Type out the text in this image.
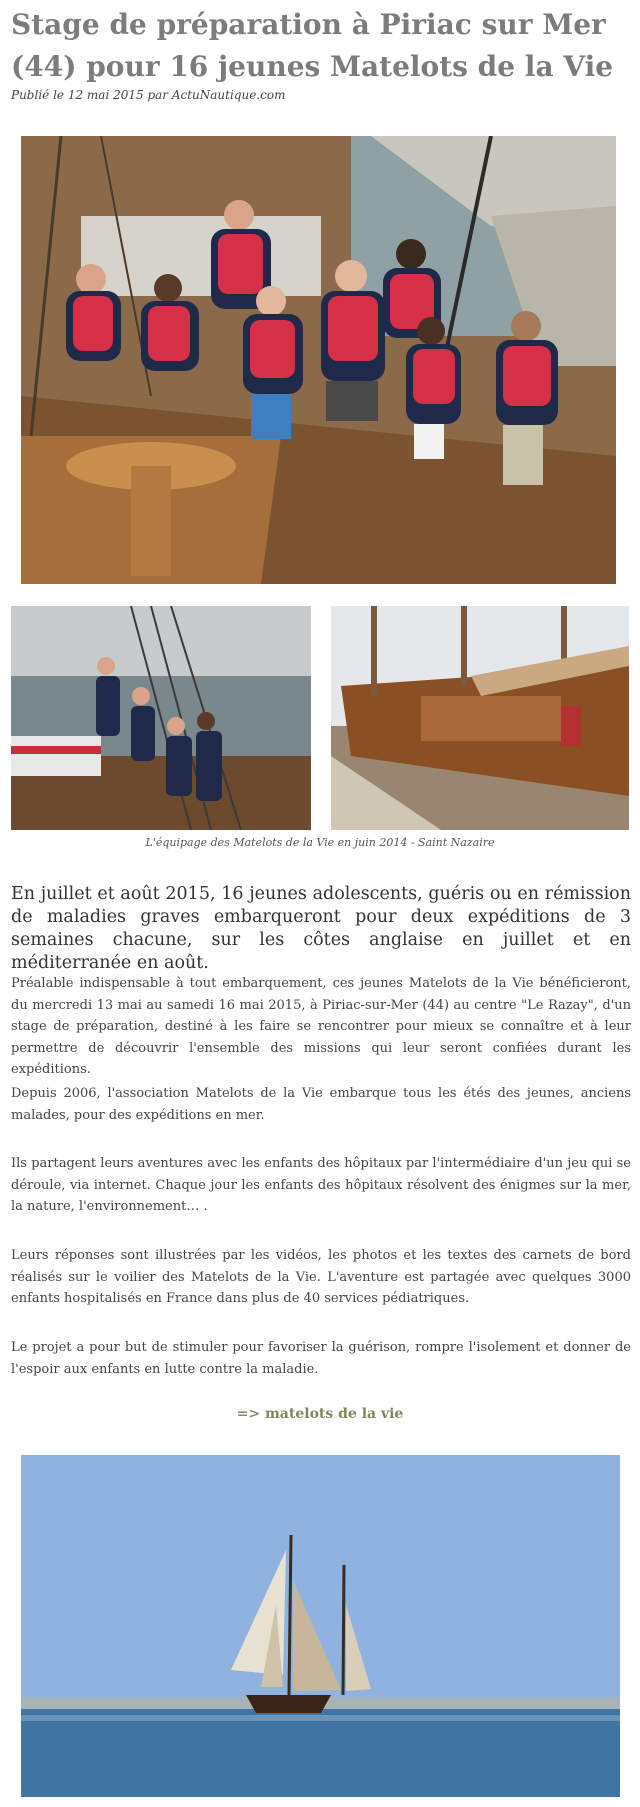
Stage de préparation à Piriac sur Mer (44) pour 16 jeunes Matelots de la Vie
Publié le 12 mai 2015 par ActuNautique.com
L'équipage des Matelots de la Vie en juin 2014 - Saint Nazaire

En juillet et août 2015, 16 jeunes adolescents, guéris ou en rémission de maladies graves embarqueront pour deux expéditions de 3 semaines chacune, sur les côtes anglaise en juillet et en méditerranée en août.

Préalable indispensable à tout embarquement, ces jeunes Matelots de la Vie bénéficieront, du mercredi 13 mai au samedi 16 mai 2015, à Piriac-sur-Mer (44) au centre "Le Razay", d'un stage de préparation, destiné à les faire se rencontrer pour mieux se connaître et à leur permettre de découvrir l'ensemble des missions qui leur seront confiées durant les expéditions.

Depuis 2006, l'association Matelots de la Vie embarque tous les étés des jeunes, anciens malades, pour des expéditions en mer.

Ils partagent leurs aventures avec les enfants des hôpitaux par l'intermédiaire d'un jeu qui se déroule, via internet. Chaque jour les enfants des hôpitaux résolvent des énigmes sur la mer, la nature, l'environnement… .

Leurs réponses sont illustrées par les vidéos, les photos et les textes des carnets de bord réalisés sur le voilier des Matelots de la Vie. L'aventure est partagée avec quelques 3000 enfants hospitalisés en France dans plus de 40 services pédiatriques.

Le projet a pour but de stimuler pour favoriser la guérison, rompre l'isolement et donner de l'espoir aux enfants en lutte contre la maladie.

=> matelots de la vie
